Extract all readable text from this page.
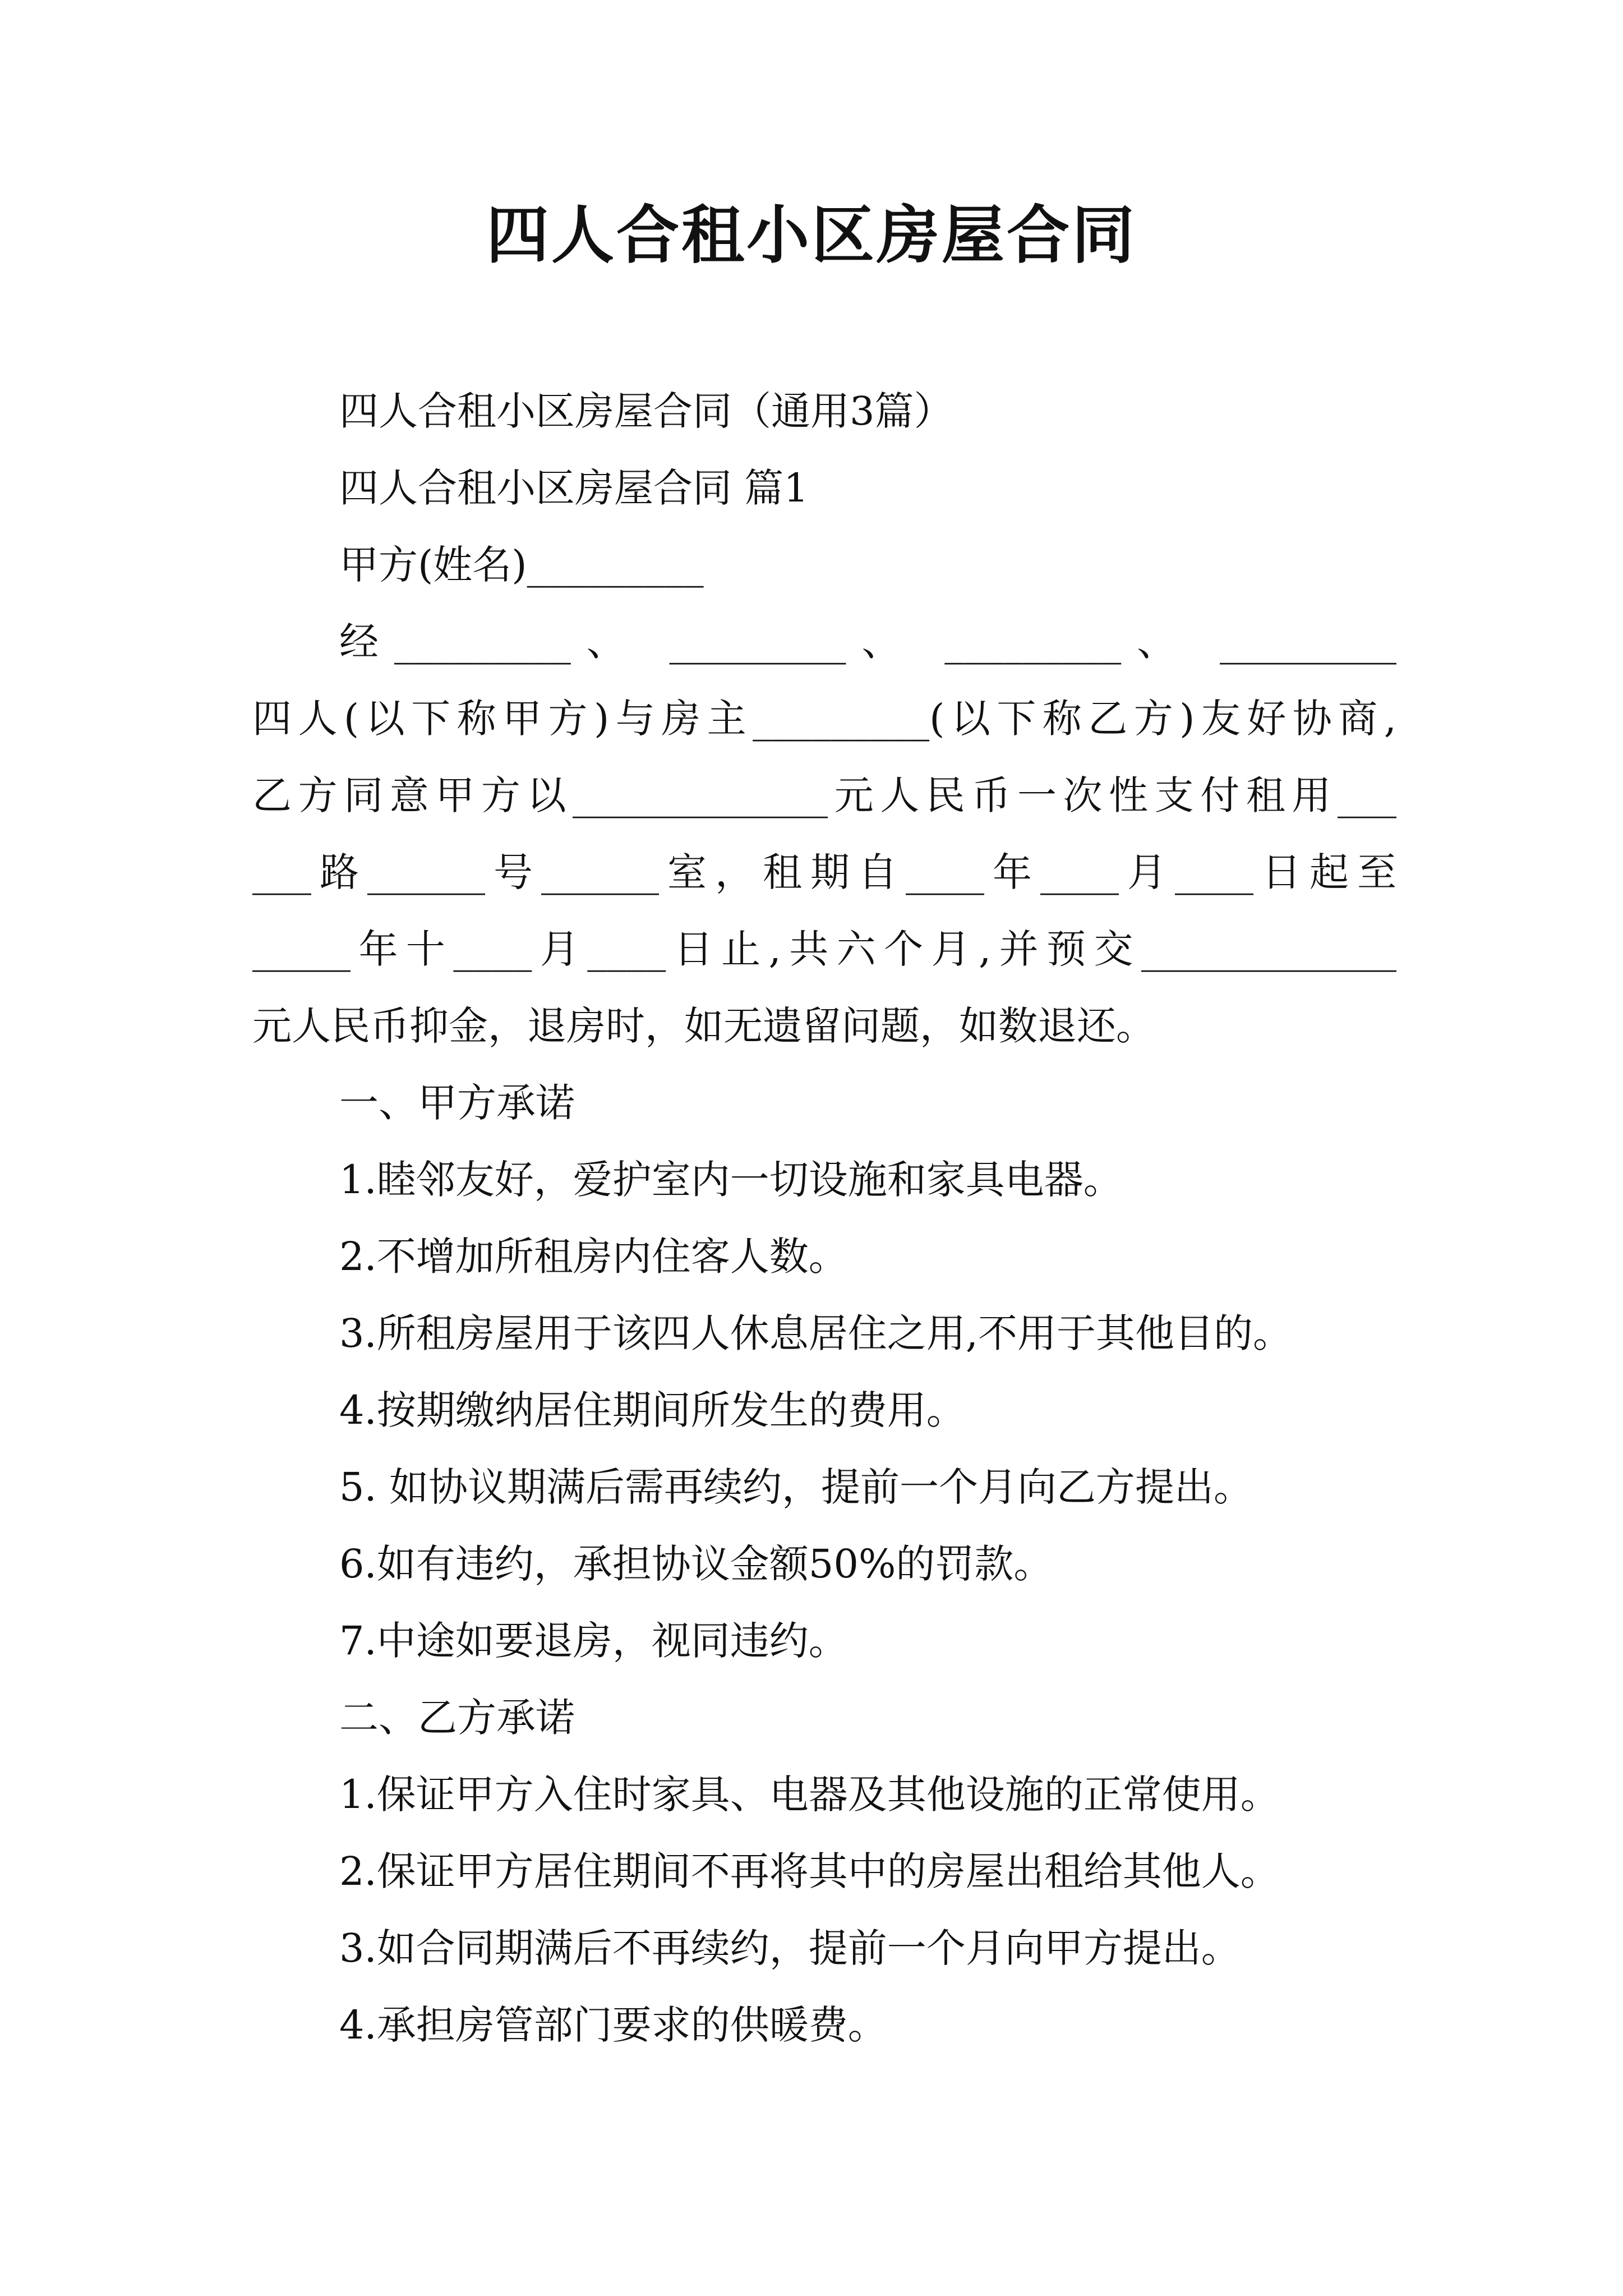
四人合租小区房屋合同
四人合租小区房屋合同（通用3篇）
四人合租小区房屋合同 篇1
甲方(姓名)_________
经_________、 _________、 _________、 _________
四人(以下称甲方)与房主_________(以下称乙方)友好协商,
乙方同意甲方以_____________元人民币一次性支付租用___
___路______号______室，租期自____年____月____日起至
_____年十____月____日止,共六个月,并预交_____________
元人民币抑金，退房时，如无遗留问题，如数退还。
一、甲方承诺
1.睦邻友好，爱护室内一切设施和家具电器。
2.不增加所租房内住客人数。
3.所租房屋用于该四人休息居住之用,不用于其他目的。
4.按期缴纳居住期间所发生的费用。
5. 如协议期满后需再续约，提前一个月向乙方提出。
6.如有违约，承担协议金额50%的罚款。
7.中途如要退房，视同违约。
二、乙方承诺
1.保证甲方入住时家具、电器及其他设施的正常使用。
2.保证甲方居住期间不再将其中的房屋出租给其他人。
3.如合同期满后不再续约，提前一个月向甲方提出。
4.承担房管部门要求的供暖费。
